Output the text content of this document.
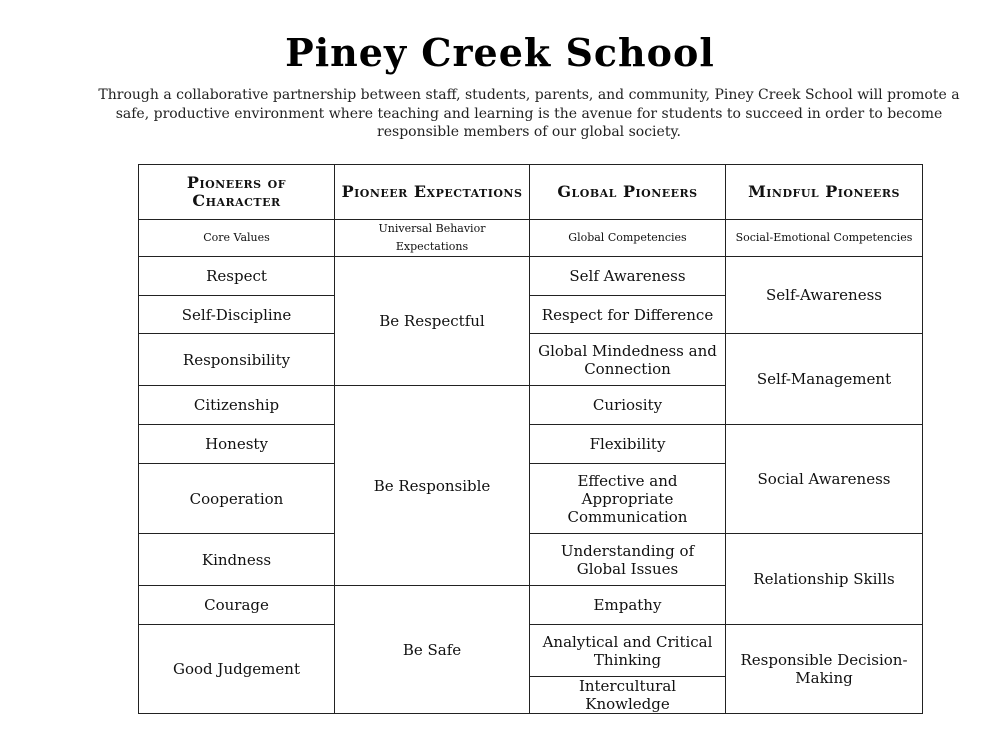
Piney Creek School
Through a collaborative partnership between staff, students, parents, and community, Piney Creek School will promote a safe, productive environment where teaching and learning is the avenue for students to succeed in order to become responsible members of our global society.
Pioneers of Character	Pioneer Expectations	Global Pioneers	Mindful Pioneers
Core Values	Universal Behavior Expectations	Global Competencies	Social-Emotional Competencies
Respect	Be Respectful	Self Awareness	Self-Awareness
Self-Discipline		Respect for Difference	
Responsibility		Global Mindedness and Connection	Self-Management
Citizenship	Be Responsible	Curiosity	
Honesty		Flexibility	Social Awareness
Cooperation		Effective and Appropriate Communication	
Kindness		Understanding of Global Issues	Relationship Skills
Courage	Be Safe	Empathy	
Good Judgement		Analytical and Critical Thinking	Responsible Decision-Making
		Intercultural Knowledge	
